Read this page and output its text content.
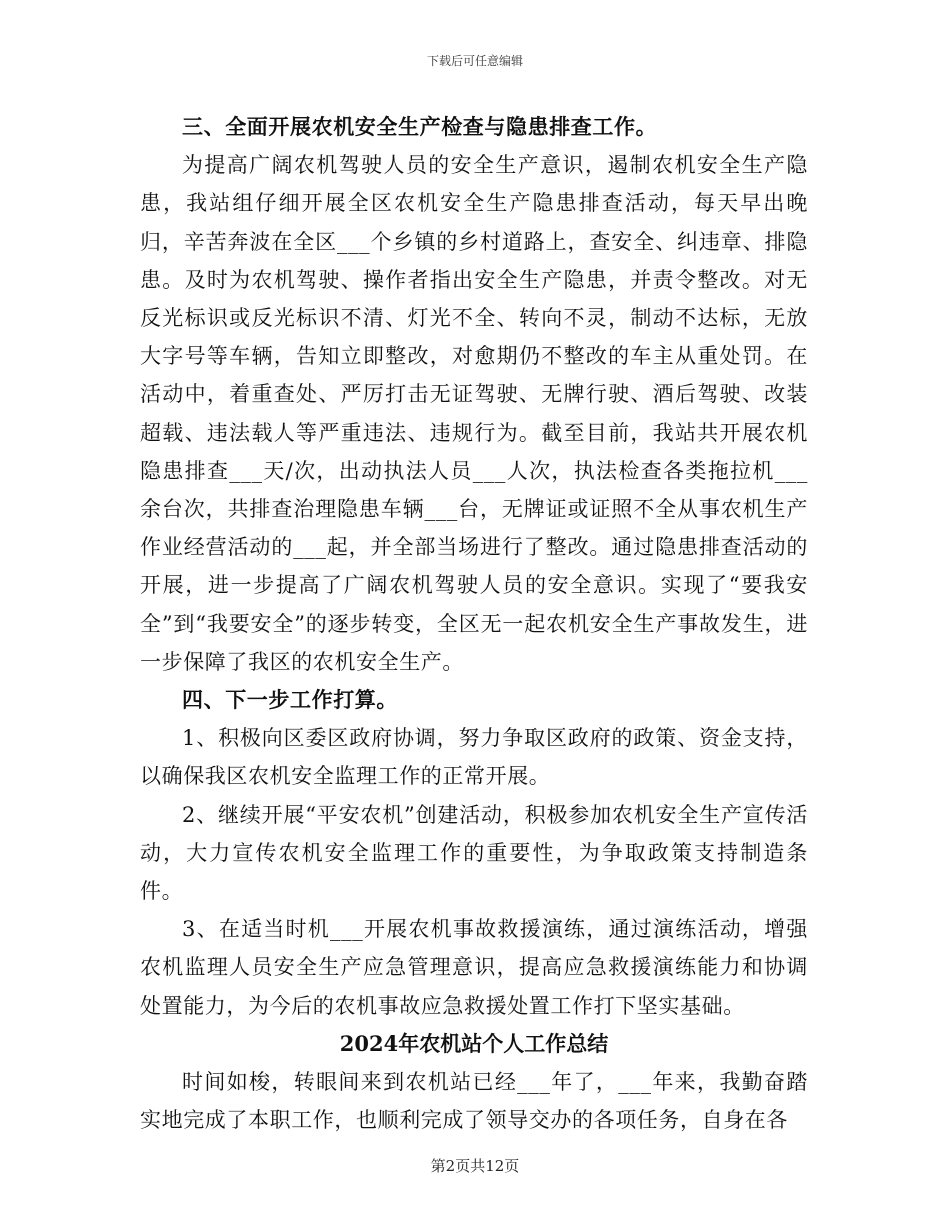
下载后可任意编辑

三、全面开展农机安全生产检查与隐患排查工作。

为提高广阔农机驾驶人员的安全生产意识，遏制农机安全生产隐患，我站组仔细开展全区农机安全生产隐患排查活动，每天早出晚归，辛苦奔波在全区___个乡镇的乡村道路上，查安全、纠违章、排隐患。及时为农机驾驶、操作者指出安全生产隐患，并责令整改。对无反光标识或反光标识不清、灯光不全、转向不灵，制动不达标，无放大字号等车辆，告知立即整改，对愈期仍不整改的车主从重处罚。在活动中，着重查处、严厉打击无证驾驶、无牌行驶、酒后驾驶、改装超载、违法载人等严重违法、违规行为。截至目前，我站共开展农机隐患排查___天/次，出动执法人员___人次，执法检查各类拖拉机___余台次，共排查治理隐患车辆___台，无牌证或证照不全从事农机生产作业经营活动的___起，并全部当场进行了整改。通过隐患排查活动的开展，进一步提高了广阔农机驾驶人员的安全意识。实现了“要我安全”到“我要安全”的逐步转变，全区无一起农机安全生产事故发生，进一步保障了我区的农机安全生产。

四、下一步工作打算。

1、积极向区委区政府协调，努力争取区政府的政策、资金支持，以确保我区农机安全监理工作的正常开展。

2、继续开展“平安农机”创建活动，积极参加农机安全生产宣传活动，大力宣传农机安全监理工作的重要性，为争取政策支持制造条件。

3、在适当时机___开展农机事故救援演练，通过演练活动，增强农机监理人员安全生产应急管理意识，提高应急救援演练能力和协调处置能力，为今后的农机事故应急救援处置工作打下坚实基础。

2024年农机站个人工作总结

时间如梭，转眼间来到农机站已经___年了，___年来，我勤奋踏实地完成了本职工作，也顺利完成了领导交办的各项任务，自身在各

第2页共12页
